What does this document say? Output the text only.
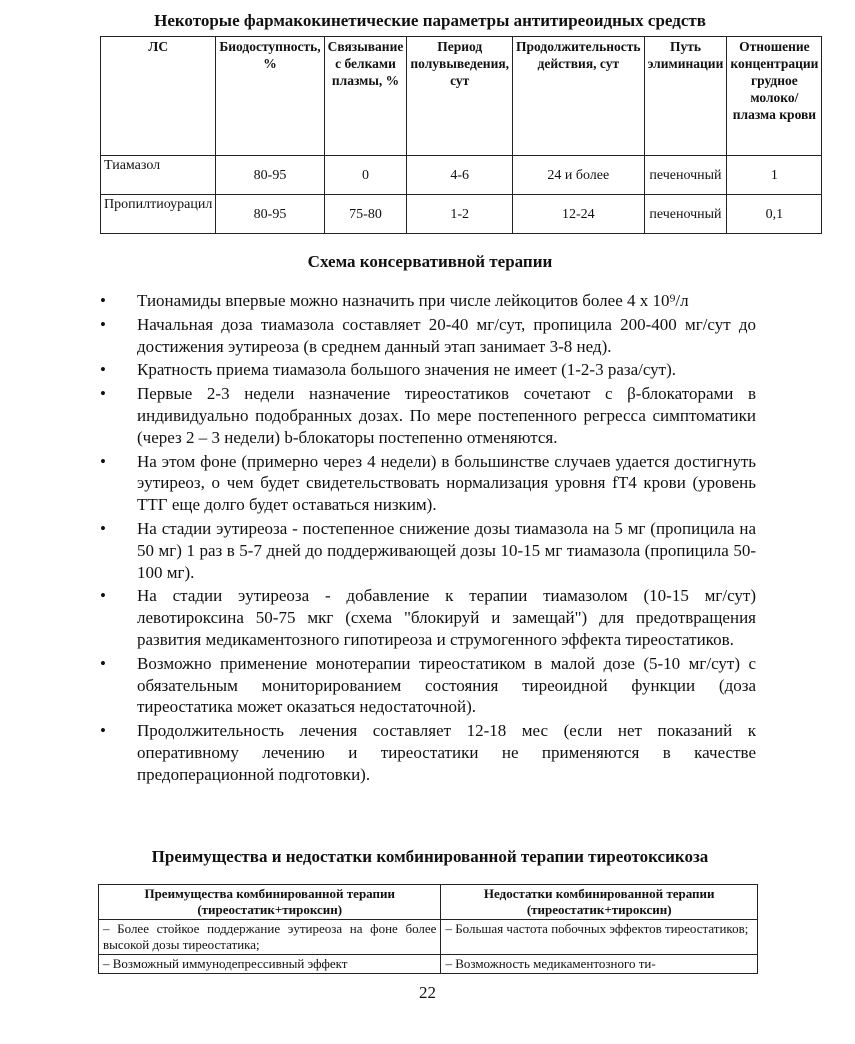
Некоторые фармакокинетические параметры антитиреоидных средств
ЛС	Биодоступность, %	Связывание с белками плазмы, %	Период полувыведения, сут	Продолжительность действия, сут	Путь элиминации	Отношение концентрации грудное молоко/плазма крови
Тиамазол	80-95	0	4-6	24 и более	печеночный	1
Пропилтиоурацил	80-95	75-80	1-2	12-24	печеночный	0,1
Схема консервативной терапии
• Тионамиды впервые можно назначить при числе лейкоцитов более 4 х 10⁹/л
• Начальная доза тиамазола составляет 20-40 мг/сут, пропицила 200-400 мг/сут до достижения эутиреоза (в среднем данный этап занимает 3-8 нед).
• Кратность приема тиамазола большого значения не имеет (1-2-3 раза/сут).
• Первые 2-3 недели назначение тиреостатиков сочетают с β-блокаторами в индивидуально подобранных дозах. По мере постепенного регресса симптоматики (через 2 – 3 недели) b-блокаторы постепенно отменяются.
• На этом фоне (примерно через 4 недели) в большинстве случаев удается достигнуть эутиреоз, о чем будет свидетельствовать нормализация уровня fT4 крови (уровень ТТГ еще долго будет оставаться низким).
• На стадии эутиреоза - постепенное снижение дозы тиамазола на 5 мг (пропицила на 50 мг) 1 раз в 5-7 дней до поддерживающей дозы 10-15 мг тиамазола (пропицила 50-100 мг).
• На стадии эутиреоза - добавление к терапии тиамазолом (10-15 мг/сут) левотироксина 50-75 мкг (схема "блокируй и замещай") для предотвращения развития медикаментозного гипотиреоза и струмогенного эффекта тиреостатиков.
• Возможно применение монотерапии тиреостатиком в малой дозе (5-10 мг/сут) с обязательным мониторированием состояния тиреоидной функции (доза тиреостатика может оказаться недостаточной).
• Продолжительность лечения составляет 12-18 мес (если нет показаний к оперативному лечению и тиреостатики не применяются в качестве предоперационной подготовки).
Преимущества и недостатки комбинированной терапии тиреотоксикоза
Преимущества комбинированной терапии (тиреостатик+тироксин)	Недостатки комбинированной терапии (тиреостатик+тироксин)
– Более стойкое поддержание эутиреоза на фоне более высокой дозы тиреостатика;	– Большая частота побочных эффектов тиреостатиков;
– Возможный иммунодепрессивный эффект	– Возможность медикаментозного ти-
22
